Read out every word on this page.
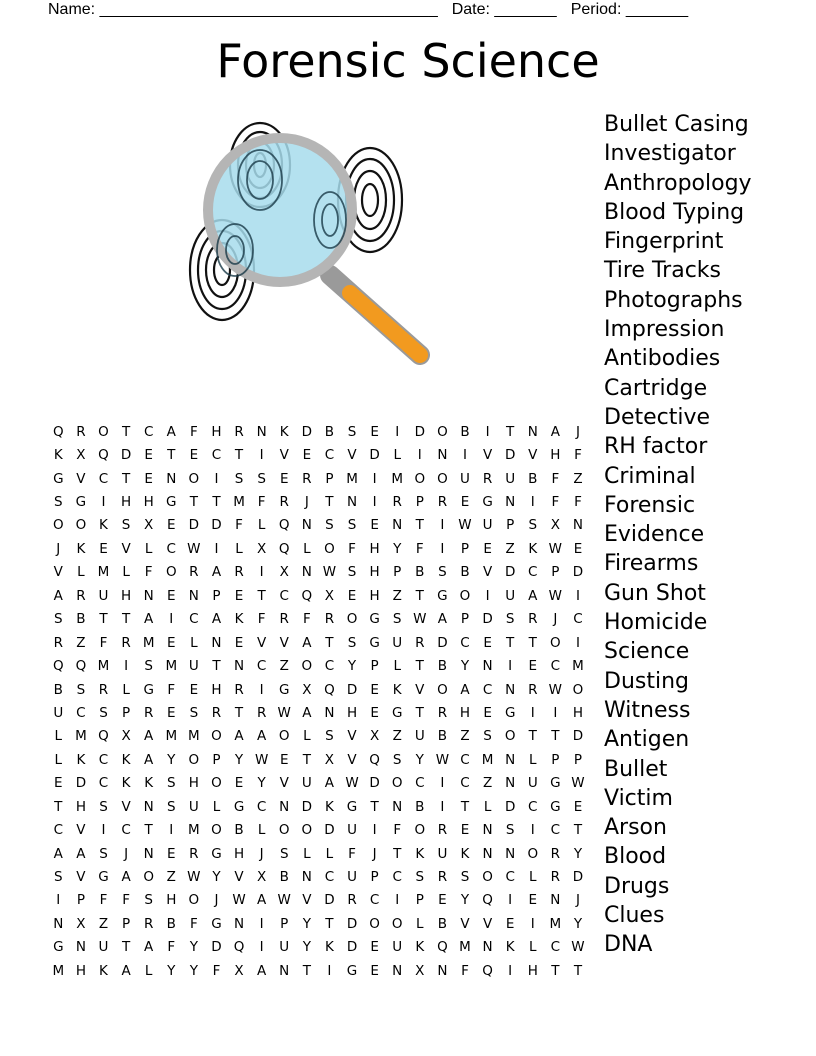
Name: ______________________________________ Date: _______ Period: _______
Forensic Science
Bullet Casing
Investigator
Anthropology
Blood Typing
Fingerprint
Tire Tracks
Photographs
Impression
Antibodies
Cartridge
Detective
RH factor
Criminal
Forensic
Evidence
Firearms
Gun Shot
Homicide
Science
Dusting
Witness
Antigen
Bullet
Victim
Arson
Blood
Drugs
Clues
DNA
Q R O T	C A	F	H R N K D B	S	E	I	D O B	I	T N A	J
K	X Q D E	T	E	C	T	I	V	E	C V D	L	I	N	I	V D V H	F
G V C	T	E N O	I	S	S	E	R	P M	I	M O O U R U B	F	Z
S G	I	H H G T	T M F	R	J	T N	I	R	P	R	E G N	I	F	F
O O K	S	X	E D D	F	L	Q N S	S	E N T	I	W U	P	S	X N
J	K	E	V	L	C W	I	L	X Q	L	O F	H Y	F	I	P	E	Z	K W E
V	L M L	F O R A R	I	X N W S H P	B	S	B V D C	P D
A R U H N E N P	E	T	C Q X	E H Z	T G O	I	U A W	I
S	B	T	T	A	I	C A	K	F	R	F	R O G S W A	P D S	R	J	C
R Z	F	R M E	L	N E	V V A	T	S G U R D C	E	T	T O	I
Q Q M	I	S M U	T N C Z O C	Y	P	L	T	B	Y N	I	E	C M
B	S	R	L	G F	E H R	I	G X Q D E	K	V O A C N R W O
U C	S	P	R	E	S	R	T	R W A N H E G T	R H E G	I	I	H
L M Q X A M M O A A O	L	S	V X Z U B Z	S O T	T D
L	K C K	A	Y O P	Y W E	T	X V Q S	Y W C M N	L	P	P
E D C K	K	S H O E	Y	V U A W D O C	I	C Z N U G W
T H S	V N S U	L	G C N D K G T N B	I	T	L	D C G E
C V	I	C	T	I	M O B	L	O O D U	I	F O R	E N S	I	C	T
A A	S	J	N E	R G H	J	S	L	L	F	J	T	K U K N N O R	Y
S	V G A O Z W Y	V X B N C U	P	C	S	R	S O C	L	R D
I	P	F	F	S H O	J	W A W V D R C	I	P	E	Y Q	I	E N	J
N X Z	P	R B	F G N	I	P	Y	T D O O	L	B V V	E	I	M Y
G N U	T	A	F	Y D Q	I	U	Y	K D E U K Q M N K	L	C W
M H K	A	L	Y	Y	F	X A N T	I	G E N X N	F Q	I	H T	T
